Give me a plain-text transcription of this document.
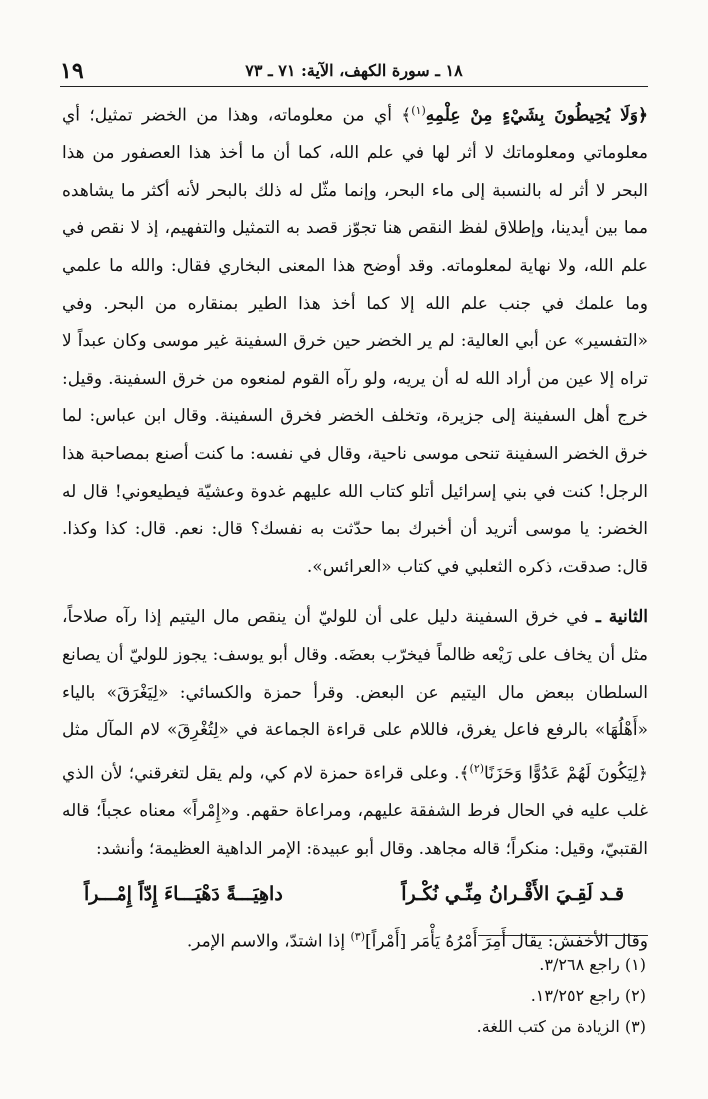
١٩	١٨ ـ سورة الكهف، الآية: ٧١ ـ ٧٣

﴿وَلَا يُحِيطُونَ بِشَيْءٍ مِنْ عِلْمِهِ$^{(١)}$﴾ أي من معلوماته، وهذا من الخضر تمثيل؛ أي معلوماتي ومعلوماتك لا أثر لها في علم الله، كما أن ما أخذ هذا العصفور من هذا البحر لا أثر له بالنسبة إلى ماء البحر، وإنما مثّل له ذلك بالبحر لأنه أكثر ما يشاهده مما بين أيدينا، وإطلاق لفظ النقص هنا تجوّز قصد به التمثيل والتفهيم، إذ لا نقص في علم الله، ولا نهاية لمعلوماته. وقد أوضح هذا المعنى البخاري فقال: والله ما علمي وما علمك في جنب علم الله إلا كما أخذ هذا الطير بمنقاره من البحر. وفي «التفسير» عن أبي العالية: لم ير الخضر حين خرق السفينة غير موسى وكان عبداً لا تراه إلا عين من أراد الله له أن يريه، ولو رآه القوم لمنعوه من خرق السفينة. وقيل: خرج أهل السفينة إلى جزيرة، وتخلف الخضر فخرق السفينة. وقال ابن عباس: لما خرق الخضر السفينة تنحى موسى ناحية، وقال في نفسه: ما كنت أصنع بمصاحبة هذا الرجل! كنت في بني إسرائيل أتلو كتاب الله عليهم غدوة وعشيّة فيطيعوني! قال له الخضر: يا موسى أتريد أن أخبرك بما حدّثت به نفسك؟ قال: نعم. قال: كذا وكذا. قال: صدقت، ذكره الثعلبي في كتاب «العرائس».

الثانية ـ في خرق السفينة دليل على أن للوليّ أن ينقص مال اليتيم إذا رآه صلاحاً، مثل أن يخاف على رَيْعه ظالماً فيخرّب بعضَه. وقال أبو يوسف: يجوز للوليّ أن يصانع السلطان ببعض مال اليتيم عن البعض. وقرأ حمزة والكسائي: «لِيَغْرَقَ» بالياء «أَهْلُهَا» بالرفع فاعل يغرق، فاللام على قراءة الجماعة في «لِتُغْرِقَ» لام المآل مثل ﴿لِيَكُونَ لَهُمْ عَدُوًّا وَحَزَنًا$^{(٢)}$﴾. وعلى قراءة حمزة لام كي، ولم يقل لتغرقني؛ لأن الذي غلب عليه في الحال فرط الشفقة عليهم، ومراعاة حقهم. و«إِمْراً» معناه عجباً؛ قاله القتبيّ، وقيل: منكراً؛ قاله مجاهد. وقال أبو عبيدة: الإمر الداهية العظيمة؛ وأنشد:

قـد لَقِـيَ الأَقْـرانُ مِنِّـي نُكْـراً
داهِيَـــةً دَهْيَـــاءَ إِدّاً إِمْـــراً

وقال الأخفش: يقال أَمِرَ أَمْرُهُ يَأْمَر [أَمْراً]$^{(٣)}$ إذا اشتدّ، والاسم الإمر.

(١) راجع ٣/٢٦٨.
(٢) راجع ١٣/٢٥٢.
(٣) الزيادة من كتب اللغة.
